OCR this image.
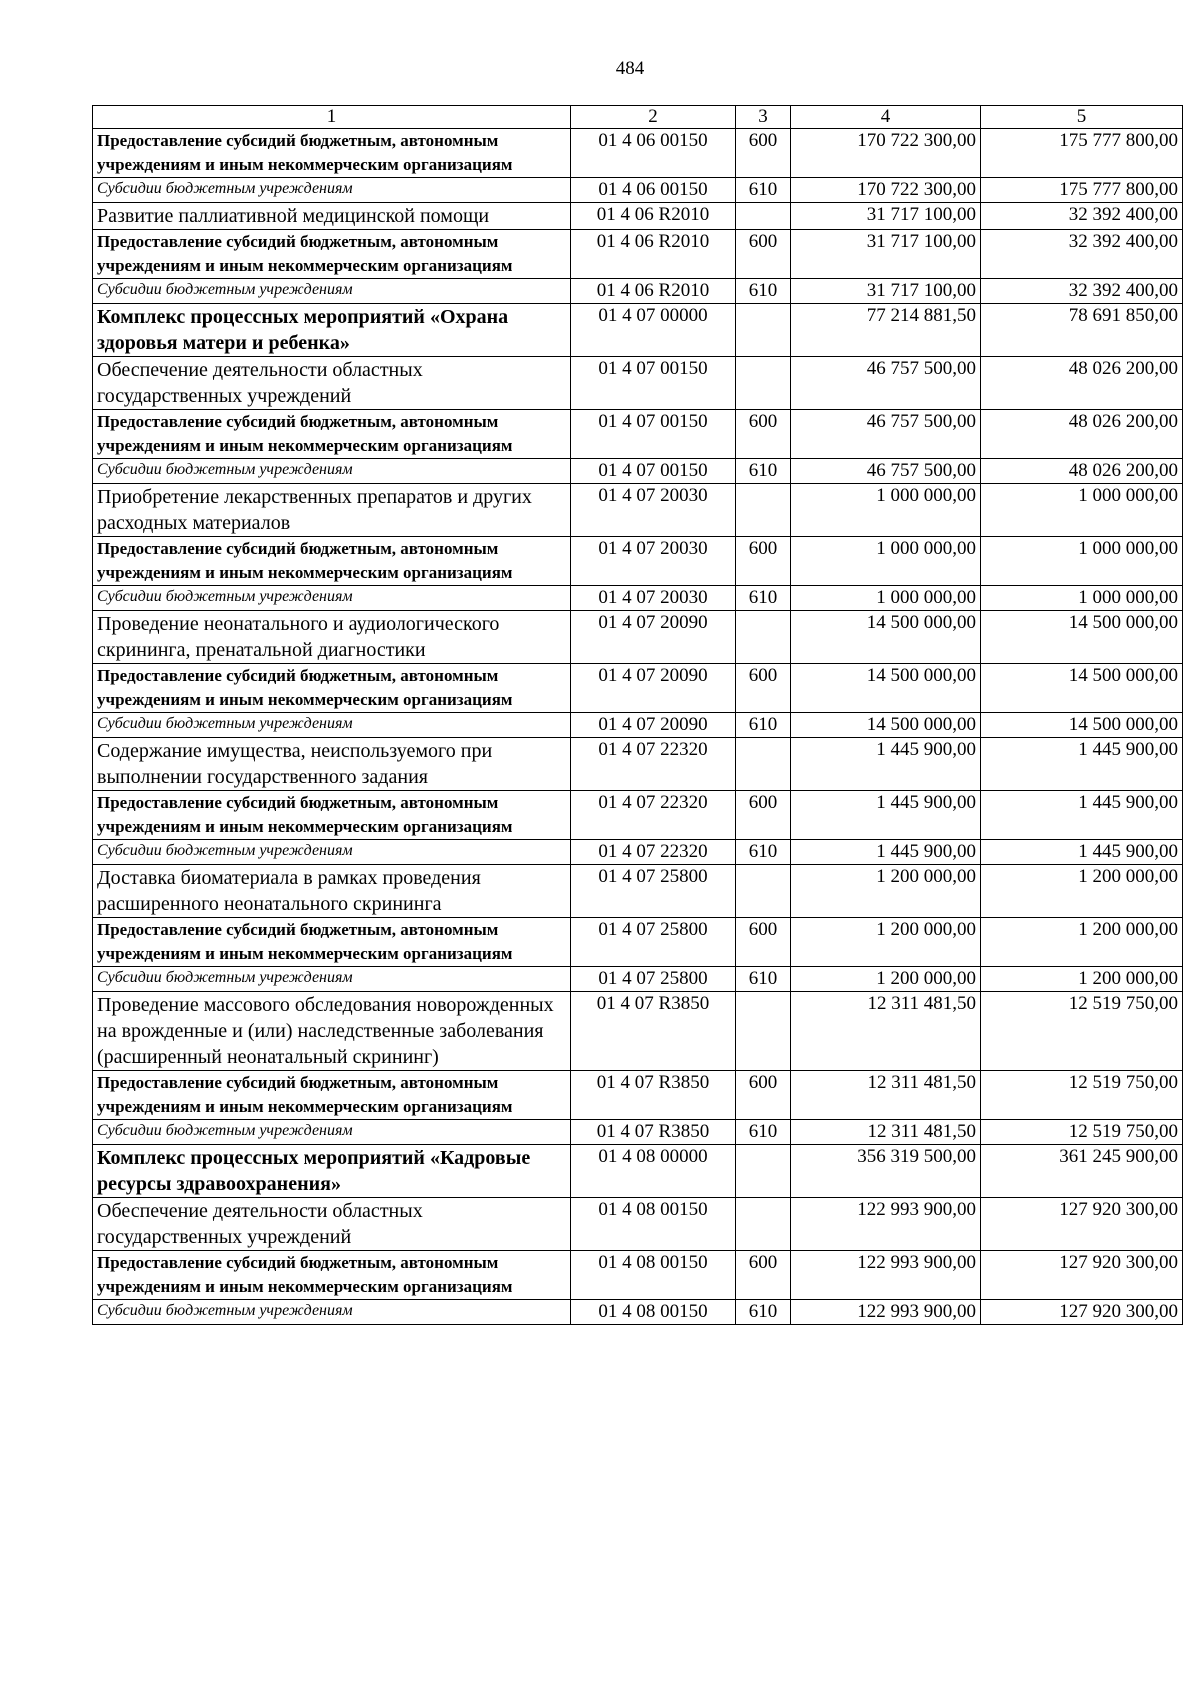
484
1	2	3	4	5
Предоставление субсидий бюджетным, автономным учреждениям и иным некоммерческим организациям	01 4 06 00150	600	170 722 300,00	175 777 800,00
Субсидии бюджетным учреждениям	01 4 06 00150	610	170 722 300,00	175 777 800,00
Развитие паллиативной медицинской помощи	01 4 06 R2010		31 717 100,00	32 392 400,00
Предоставление субсидий бюджетным, автономным учреждениям и иным некоммерческим организациям	01 4 06 R2010	600	31 717 100,00	32 392 400,00
Субсидии бюджетным учреждениям	01 4 06 R2010	610	31 717 100,00	32 392 400,00
Комплекс процессных мероприятий «Охрана здоровья матери и ребенка»	01 4 07 00000		77 214 881,50	78 691 850,00
Обеспечение деятельности областных государственных учреждений	01 4 07 00150		46 757 500,00	48 026 200,00
Предоставление субсидий бюджетным, автономным учреждениям и иным некоммерческим организациям	01 4 07 00150	600	46 757 500,00	48 026 200,00
Субсидии бюджетным учреждениям	01 4 07 00150	610	46 757 500,00	48 026 200,00
Приобретение лекарственных препаратов и других расходных материалов	01 4 07 20030		1 000 000,00	1 000 000,00
Предоставление субсидий бюджетным, автономным учреждениям и иным некоммерческим организациям	01 4 07 20030	600	1 000 000,00	1 000 000,00
Субсидии бюджетным учреждениям	01 4 07 20030	610	1 000 000,00	1 000 000,00
Проведение неонатального и аудиологического скрининга, пренатальной диагностики	01 4 07 20090		14 500 000,00	14 500 000,00
Предоставление субсидий бюджетным, автономным учреждениям и иным некоммерческим организациям	01 4 07 20090	600	14 500 000,00	14 500 000,00
Субсидии бюджетным учреждениям	01 4 07 20090	610	14 500 000,00	14 500 000,00
Содержание имущества, неиспользуемого при выполнении государственного задания	01 4 07 22320		1 445 900,00	1 445 900,00
Предоставление субсидий бюджетным, автономным учреждениям и иным некоммерческим организациям	01 4 07 22320	600	1 445 900,00	1 445 900,00
Субсидии бюджетным учреждениям	01 4 07 22320	610	1 445 900,00	1 445 900,00
Доставка биоматериала в рамках проведения расширенного неонатального скрининга	01 4 07 25800		1 200 000,00	1 200 000,00
Предоставление субсидий бюджетным, автономным учреждениям и иным некоммерческим организациям	01 4 07 25800	600	1 200 000,00	1 200 000,00
Субсидии бюджетным учреждениям	01 4 07 25800	610	1 200 000,00	1 200 000,00
Проведение массового обследования новорожденных на врожденные и (или) наследственные заболевания (расширенный неонатальный скрининг)	01 4 07 R3850		12 311 481,50	12 519 750,00
Предоставление субсидий бюджетным, автономным учреждениям и иным некоммерческим организациям	01 4 07 R3850	600	12 311 481,50	12 519 750,00
Субсидии бюджетным учреждениям	01 4 07 R3850	610	12 311 481,50	12 519 750,00
Комплекс процессных мероприятий «Кадровые ресурсы здравоохранения»	01 4 08 00000		356 319 500,00	361 245 900,00
Обеспечение деятельности областных государственных учреждений	01 4 08 00150		122 993 900,00	127 920 300,00
Предоставление субсидий бюджетным, автономным учреждениям и иным некоммерческим организациям	01 4 08 00150	600	122 993 900,00	127 920 300,00
Субсидии бюджетным учреждениям	01 4 08 00150	610	122 993 900,00	127 920 300,00
